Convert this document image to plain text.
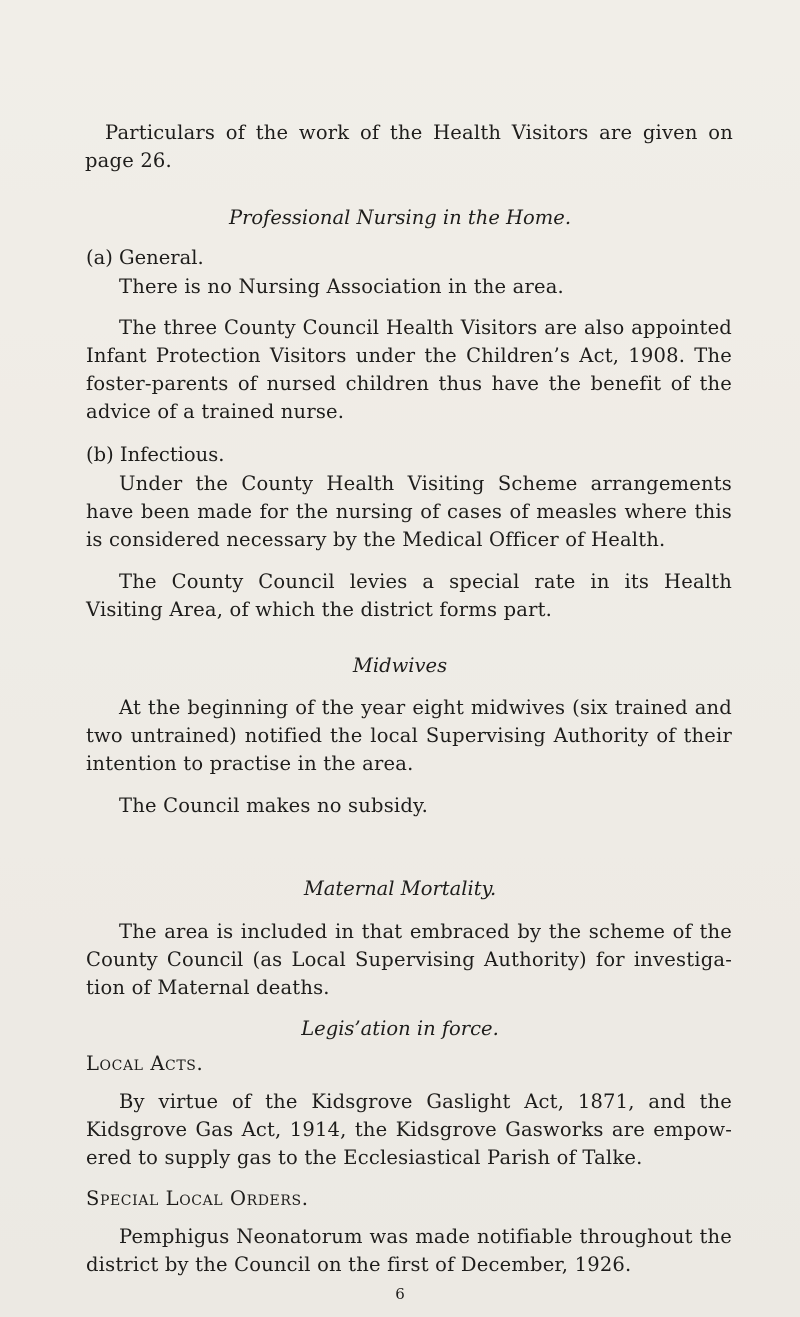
Particulars of the work of the Health Visitors are given on
page 26.

Professional Nursing in the Home.

(a) General.

There is no Nursing Association in the area.

The three County Council Health Visitors are also appointed
Infant Protection Visitors under the Children’s Act, 1908. The
foster-parents of nursed children thus have the benefit of the
advice of a trained nurse.

(b) Infectious.

Under the County Health Visiting Scheme arrangements
have been made for the nursing of cases of measles where this
is considered necessary by the Medical Officer of Health.

The County Council levies a special rate in its Health
Visiting Area, of which the district forms part.

Midwives

At the beginning of the year eight midwives (six trained and
two untrained) notified the local Supervising Authority of their
intention to practise in the area.

The Council makes no subsidy.

Maternal Mortality.

The area is included in that embraced by the scheme of the
County Council (as Local Supervising Authority) for investiga-
tion of Maternal deaths.

Legis’ation in force.

Local Acts.

By virtue of the Kidsgrove Gaslight Act, 1871, and the
Kidsgrove Gas Act, 1914, the Kidsgrove Gasworks are empow-
ered to supply gas to the Ecclesiastical Parish of Talke.

Special Local Orders.

Pemphigus Neonatorum was made notifiable throughout the
district by the Council on the first of December, 1926.

6
